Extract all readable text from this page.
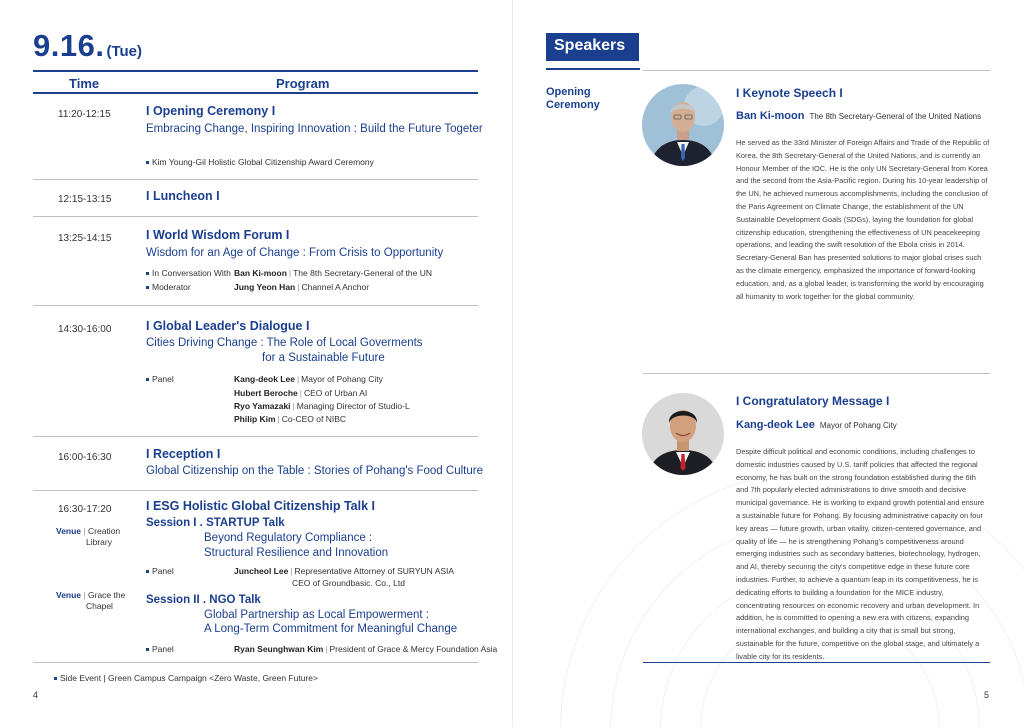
9.16. (Tue)
Time	Program
11:20-12:15	I Opening Ceremony I
Embracing Change, Inspiring Innovation : Build the Future Togeter
Kim Young-Gil Holistic Global Citizenship Award Ceremony
12:15-13:15	I Luncheon I
13:25-14:15	I World Wisdom Forum I
Wisdom for an Age of Change : From Crisis to Opportunity
In Conversation With Ban Ki-moon | The 8th Secretary-General of the UN
Moderator	Jung Yeon Han | Channel A Anchor
14:30-16:00	I Global Leader's Dialogue I
Cities Driving Change : The Role of Local Goverments
for a Sustainable Future
Panel	Kang-deok Lee | Mayor of Pohang City
Hubert Beroche | CEO of Urban AI
Ryo Yamazaki | Managing Director of Studio-L
Philip Kim | Co-CEO of NIBC
16:00-16:30	I Reception I
Global Citizenship on the Table : Stories of Pohang's Food Culture
16:30-17:20	I ESG Holistic Global Citizenship Talk I
Venue | Creation
Library
Session I . STARTUP Talk
Beyond Regulatory Compliance :
Structural Resilience and Innovation
Panel	Juncheol Lee | Representative Attorney of SURYUN ASIA
CEO of Groundbasic. Co., Ltd
Venue | Grace the
Chapel	Session II . NGO Talk
Global Partnership as Local Empowerment :
A Long-Term Commitment for Meaningful Change
Panel	Ryan Seunghwan Kim | President of Grace & Mercy Foundation Asia
Side Event | Green Campus Campaign <Zero Waste, Green Future>
4
Speakers
Opening
Ceremony
I Keynote Speech I
Ban Ki-moon The 8th Secretary-General of the United Nations
He served as the 33rd Minister of Foreign Affairs and Trade of the Republic of Korea, the 8th Secretary-General of the United Nations, and is currently an Honour Member of the IOC. He is the only UN Secretary-General from Korea and the second from the Asia-Pacific region. During his 10-year leadership of the UN, he achieved numerous accomplishments, including the conclusion of the Paris Agreement on Climate Change, the establishment of the UN Sustainable Development Goals (SDGs), laying the foundation for global citizenship education, strengthening the effectiveness of UN peacekeeping operations, and leading the swift resolution of the Ebola crisis in 2014. Secretary-General Ban has presented solutions to major global crises such as the climate emergency, emphasized the importance of forward-looking education, and, as a global leader, is transforming the world by encouraging all humanity to work together for the global community.
I Congratulatory Message I
Kang-deok Lee Mayor of Pohang City
Despite difficult political and economic conditions, including challenges to domestic industries caused by U.S. tariff policies that affected the regional economy, he has built on the strong foundation established during the 6th and 7th popularly elected administrations to drive smooth and decisive municipal governance. He is working to expand growth potential and ensure a sustainable future for Pohang. By focusing administrative capacity on four key areas — future growth, urban vitality, citizen-centered governance, and quality of life — he is strengthening Pohang's competitiveness around emerging industries such as secondary batteries, biotechnology, hydrogen, and AI, thereby securing the city's competitive edge in these future core industries. Further, to achieve a quantum leap in its competitiveness, he is dedicating efforts to building a foundation for the MICE industry, concentrating resources on economic recovery and urban development. In addition, he is committed to opening a new era with citizens, expanding international exchanges, and building a city that is small but strong, sustainable for the future, competitive on the global stage, and ultimately a livable city for its residents.
5
